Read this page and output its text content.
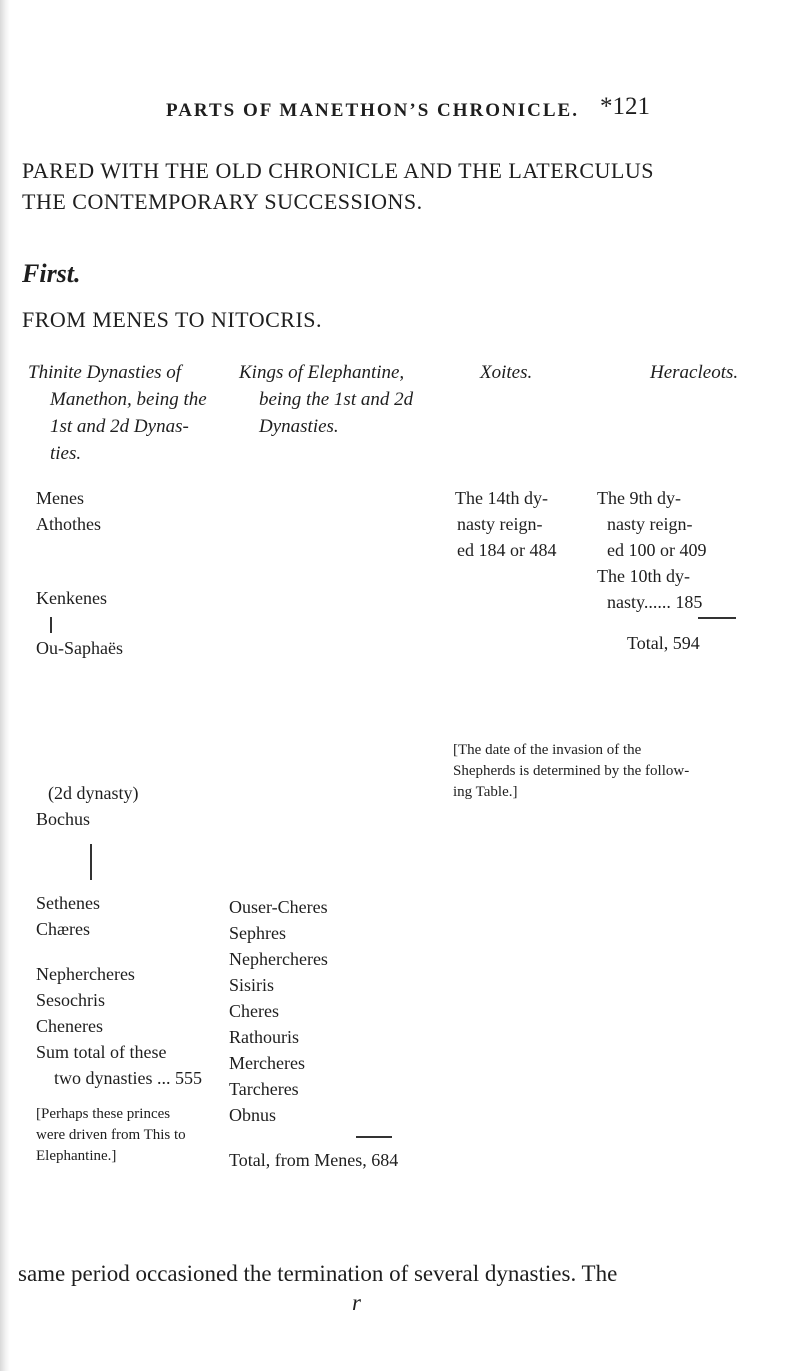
PARTS OF MANETHON’S CHRONICLE. *121
PARED WITH THE OLD CHRONICLE AND THE LATERCULUS
THE CONTEMPORARY SUCCESSIONS.
First.
FROM MENES TO NITOCRIS.
Thinite Dynasties of
Manethon, being the
1st and 2d Dynas-
ties.
Kings of Elephantine,
being the 1st and 2d
Dynasties.
Xoites.	Heracleots.
Menes
Athothes
Kenkenes
Ou-Saphaës
(2d dynasty)
Bochus
Sethenes
Chæres
Nephercheres
Sesochris
Cheneres
Sum total of these
two dynasties ... 555
[Perhaps these princes
were driven from This to
Elephantine.]
Ouser-Cheres
Sephres
Nephercheres
Sisiris
Cheres
Rathouris
Mercheres
Tarcheres
Obnus
Total, from Menes, 684
The 14th dy-
nasty reign-
ed 184 or 484
The 9th dy-
nasty reign-
ed 100 or 409
The 10th dy-
nasty...... 185
Total, 594
[The date of the invasion of the
Shepherds is determined by the follow-
ing Table.]
same period occasioned the termination of several dynasties. The
r
